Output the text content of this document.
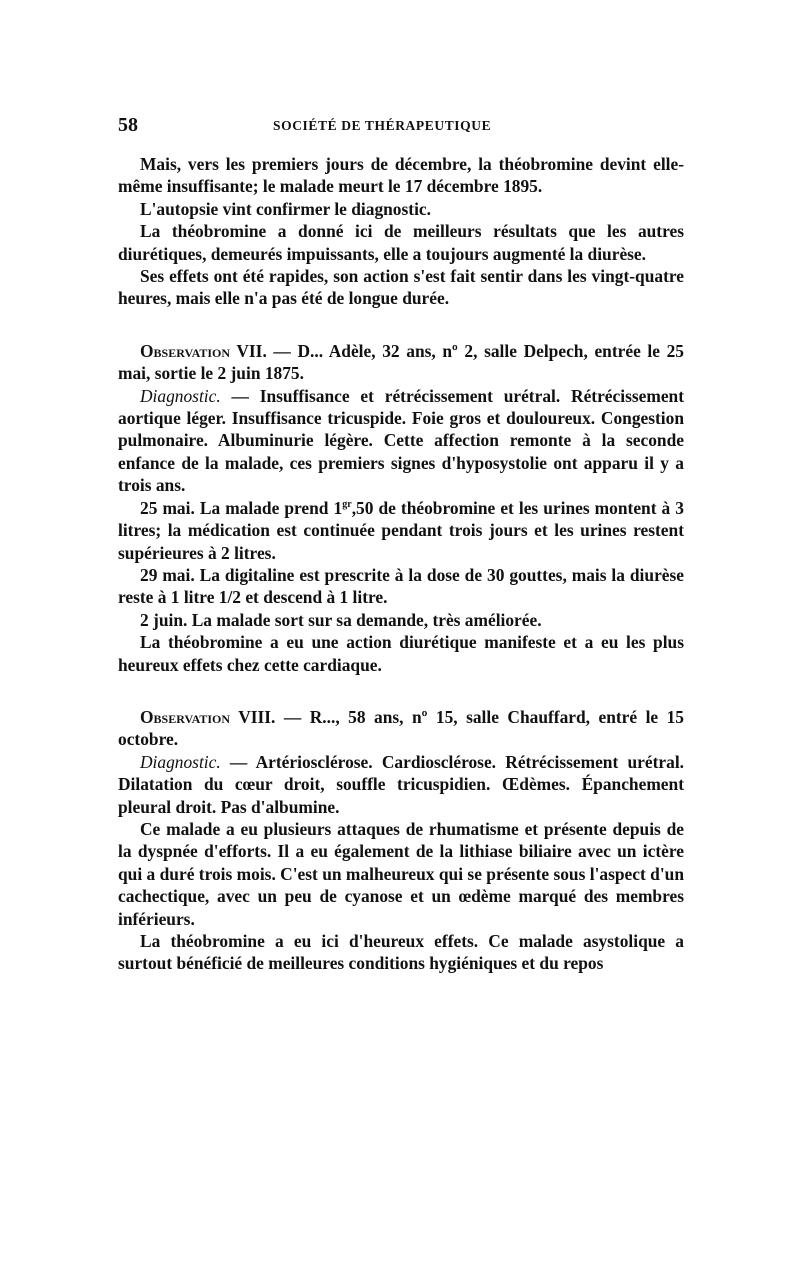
58	SOCIÉTÉ DE THÉRAPEUTIQUE

Mais, vers les premiers jours de décembre, la théobromine devint elle-même insuffisante; le malade meurt le 17 décembre 1895.

L'autopsie vint confirmer le diagnostic.

La théobromine a donné ici de meilleurs résultats que les autres diurétiques, demeurés impuissants, elle a toujours augmenté la diurèse.

Ses effets ont été rapides, son action s'est fait sentir dans les vingt-quatre heures, mais elle n'a pas été de longue durée.

Observation VII. — D... Adèle, 32 ans, nº 2, salle Delpech, entrée le 25 mai, sortie le 2 juin 1875.

Diagnostic. — Insuffisance et rétrécissement urétral. Rétrécissement aortique léger. Insuffisance tricuspide. Foie gros et douloureux. Congestion pulmonaire. Albuminurie légère. Cette affection remonte à la seconde enfance de la malade, ces premiers signes d'hyposystolie ont apparu il y a trois ans.

25 mai. La malade prend $1^{gr},50$ de théobromine et les urines montent à 3 litres; la médication est continuée pendant trois jours et les urines restent supérieures à 2 litres.

29 mai. La digitaline est prescrite à la dose de 30 gouttes, mais la diurèse reste à 1 litre 1/2 et descend à 1 litre.

2 juin. La malade sort sur sa demande, très améliorée.

La théobromine a eu une action diurétique manifeste et a eu les plus heureux effets chez cette cardiaque.

Observation VIII. — R..., 58 ans, nº 15, salle Chauffard, entré le 15 octobre.

Diagnostic. — Artériosclérose. Cardiosclérose. Rétrécissement urétral. Dilatation du cœur droit, souffle tricuspidien. Œdèmes. Épanchement pleural droit. Pas d'albumine.

Ce malade a eu plusieurs attaques de rhumatisme et présente depuis de la dyspnée d'efforts. Il a eu également de la lithiase biliaire avec un ictère qui a duré trois mois. C'est un malheureux qui se présente sous l'aspect d'un cachectique, avec un peu de cyanose et un œdème marqué des membres inférieurs.

La théobromine a eu ici d'heureux effets. Ce malade asystolique a surtout bénéficié de meilleures conditions hygiéniques et du repos
